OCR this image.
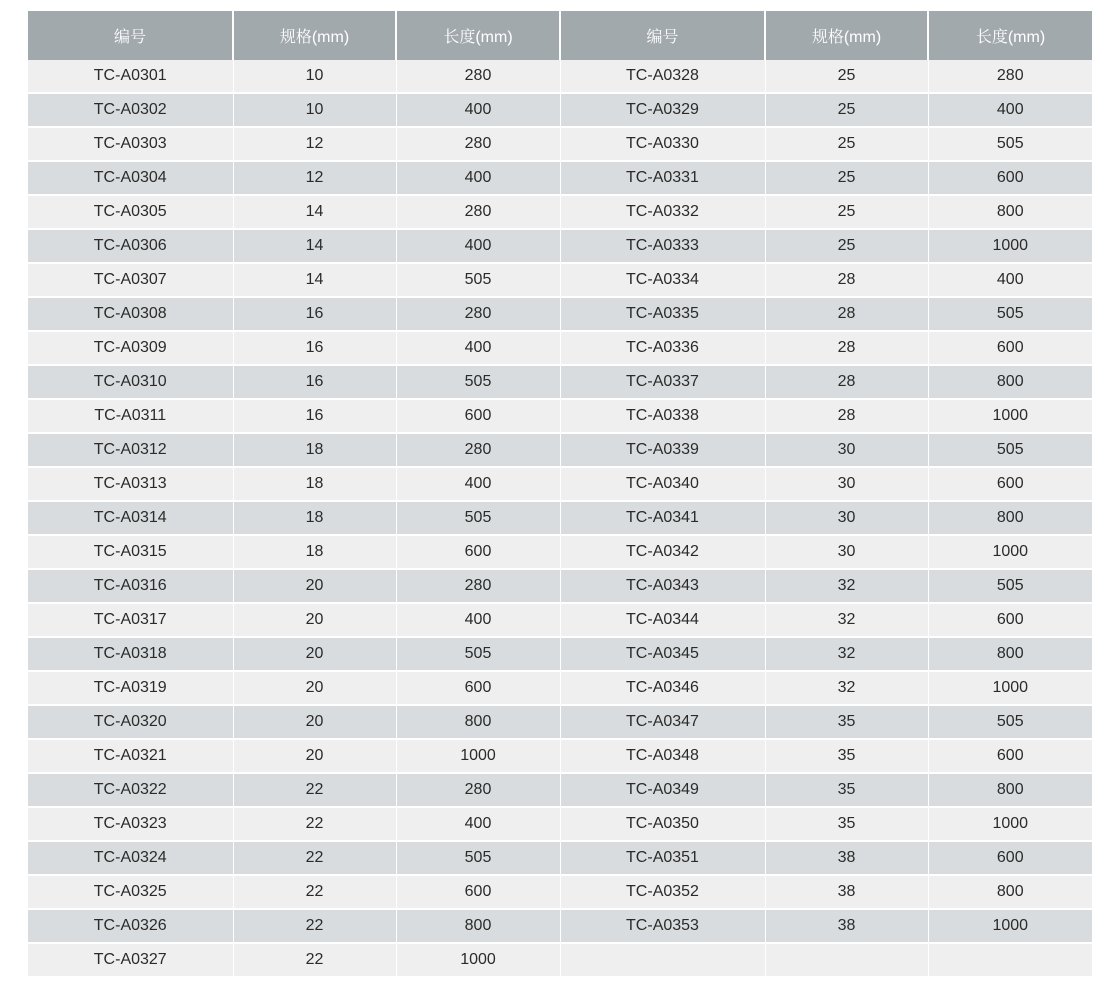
编号	规格(mm)	长度(mm)	编号	规格(mm)	长度(mm)
TC-A0301	10	280	TC-A0328	25	280
TC-A0302	10	400	TC-A0329	25	400
TC-A0303	12	280	TC-A0330	25	505
TC-A0304	12	400	TC-A0331	25	600
TC-A0305	14	280	TC-A0332	25	800
TC-A0306	14	400	TC-A0333	25	1000
TC-A0307	14	505	TC-A0334	28	400
TC-A0308	16	280	TC-A0335	28	505
TC-A0309	16	400	TC-A0336	28	600
TC-A0310	16	505	TC-A0337	28	800
TC-A0311	16	600	TC-A0338	28	1000
TC-A0312	18	280	TC-A0339	30	505
TC-A0313	18	400	TC-A0340	30	600
TC-A0314	18	505	TC-A0341	30	800
TC-A0315	18	600	TC-A0342	30	1000
TC-A0316	20	280	TC-A0343	32	505
TC-A0317	20	400	TC-A0344	32	600
TC-A0318	20	505	TC-A0345	32	800
TC-A0319	20	600	TC-A0346	32	1000
TC-A0320	20	800	TC-A0347	35	505
TC-A0321	20	1000	TC-A0348	35	600
TC-A0322	22	280	TC-A0349	35	800
TC-A0323	22	400	TC-A0350	35	1000
TC-A0324	22	505	TC-A0351	38	600
TC-A0325	22	600	TC-A0352	38	800
TC-A0326	22	800	TC-A0353	38	1000
TC-A0327	22	1000			
